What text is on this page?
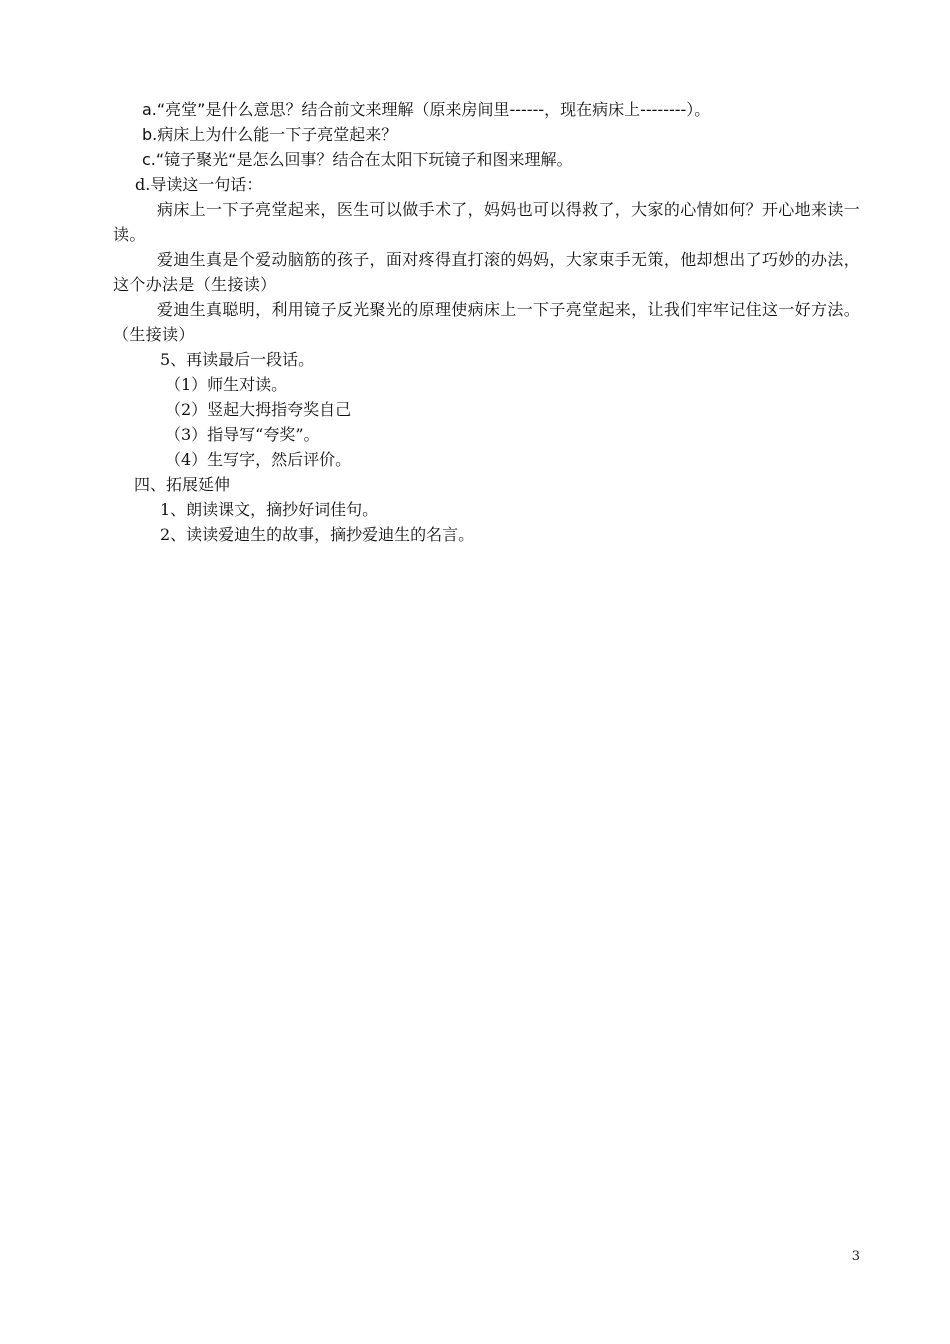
a.“亮堂”是什么意思？结合前文来理解（原来房间里------，现在病床上--------）。
b.病床上为什么能一下子亮堂起来？
c.“镜子聚光“是怎么回事？结合在太阳下玩镜子和图来理解。
d.导读这一句话：
病床上一下子亮堂起来，医生可以做手术了，妈妈也可以得救了，大家的心情如何？开心地来读一读。
爱迪生真是个爱动脑筋的孩子，面对疼得直打滚的妈妈，大家束手无策，他却想出了巧妙的办法，这个办法是（生接读）
爱迪生真聪明，利用镜子反光聚光的原理使病床上一下子亮堂起来，让我们牢牢记住这一好方法。（生接读）
5、再读最后一段话。
（1）师生对读。
（2）竖起大拇指夸奖自己
（3）指导写“夸奖”。
（4）生写字，然后评价。
四、拓展延伸
1、朗读课文，摘抄好词佳句。
2、读读爱迪生的故事，摘抄爱迪生的名言。
3
